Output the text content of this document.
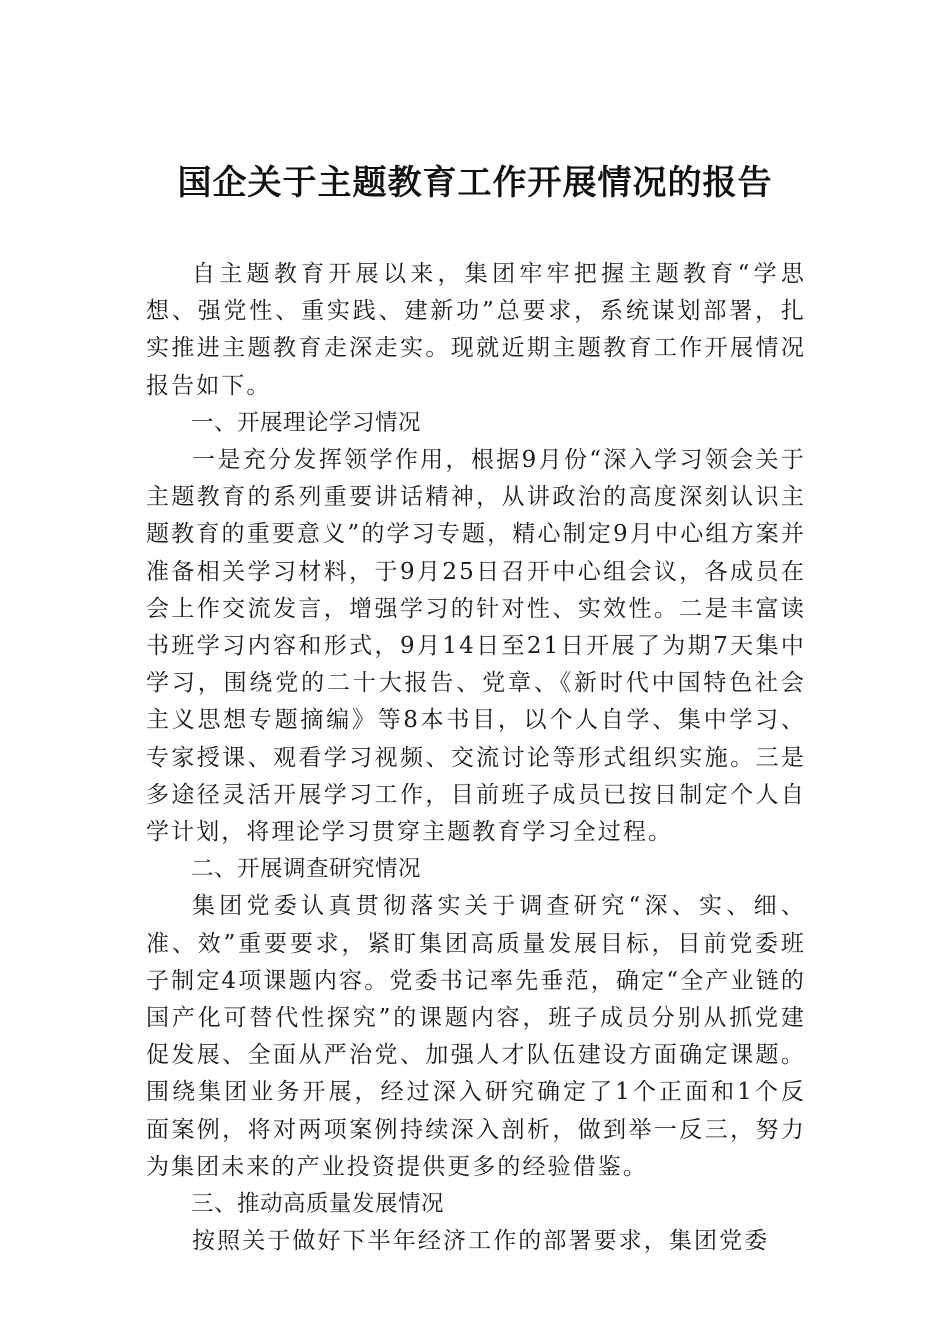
国企关于主题教育工作开展情况的报告

自主题教育开展以来，集团牢牢把握主题教育“学思想、强党性、重实践、建新功”总要求，系统谋划部署，扎实推进主题教育走深走实。现就近期主题教育工作开展情况报告如下。

一、开展理论学习情况

一是充分发挥领学作用，根据9月份“深入学习领会关于主题教育的系列重要讲话精神，从讲政治的高度深刻认识主题教育的重要意义”的学习专题，精心制定9月中心组方案并准备相关学习材料，于9月25日召开中心组会议，各成员在会上作交流发言，增强学习的针对性、实效性。二是丰富读书班学习内容和形式，9月14日至21日开展了为期7天集中学习，围绕党的二十大报告、党章、《新时代中国特色社会主义思想专题摘编》等8本书目，以个人自学、集中学习、专家授课、观看学习视频、交流讨论等形式组织实施。三是多途径灵活开展学习工作，目前班子成员已按日制定个人自学计划，将理论学习贯穿主题教育学习全过程。

二、开展调查研究情况

集团党委认真贯彻落实关于调查研究“深、实、细、准、效”重要要求，紧盯集团高质量发展目标，目前党委班子制定4项课题内容。党委书记率先垂范，确定“全产业链的国产化可替代性探究”的课题内容，班子成员分别从抓党建促发展、全面从严治党、加强人才队伍建设方面确定课题。围绕集团业务开展，经过深入研究确定了1个正面和1个反面案例，将对两项案例持续深入剖析，做到举一反三，努力为集团未来的产业投资提供更多的经验借鉴。

三、推动高质量发展情况

按照关于做好下半年经济工作的部署要求，集团党委
